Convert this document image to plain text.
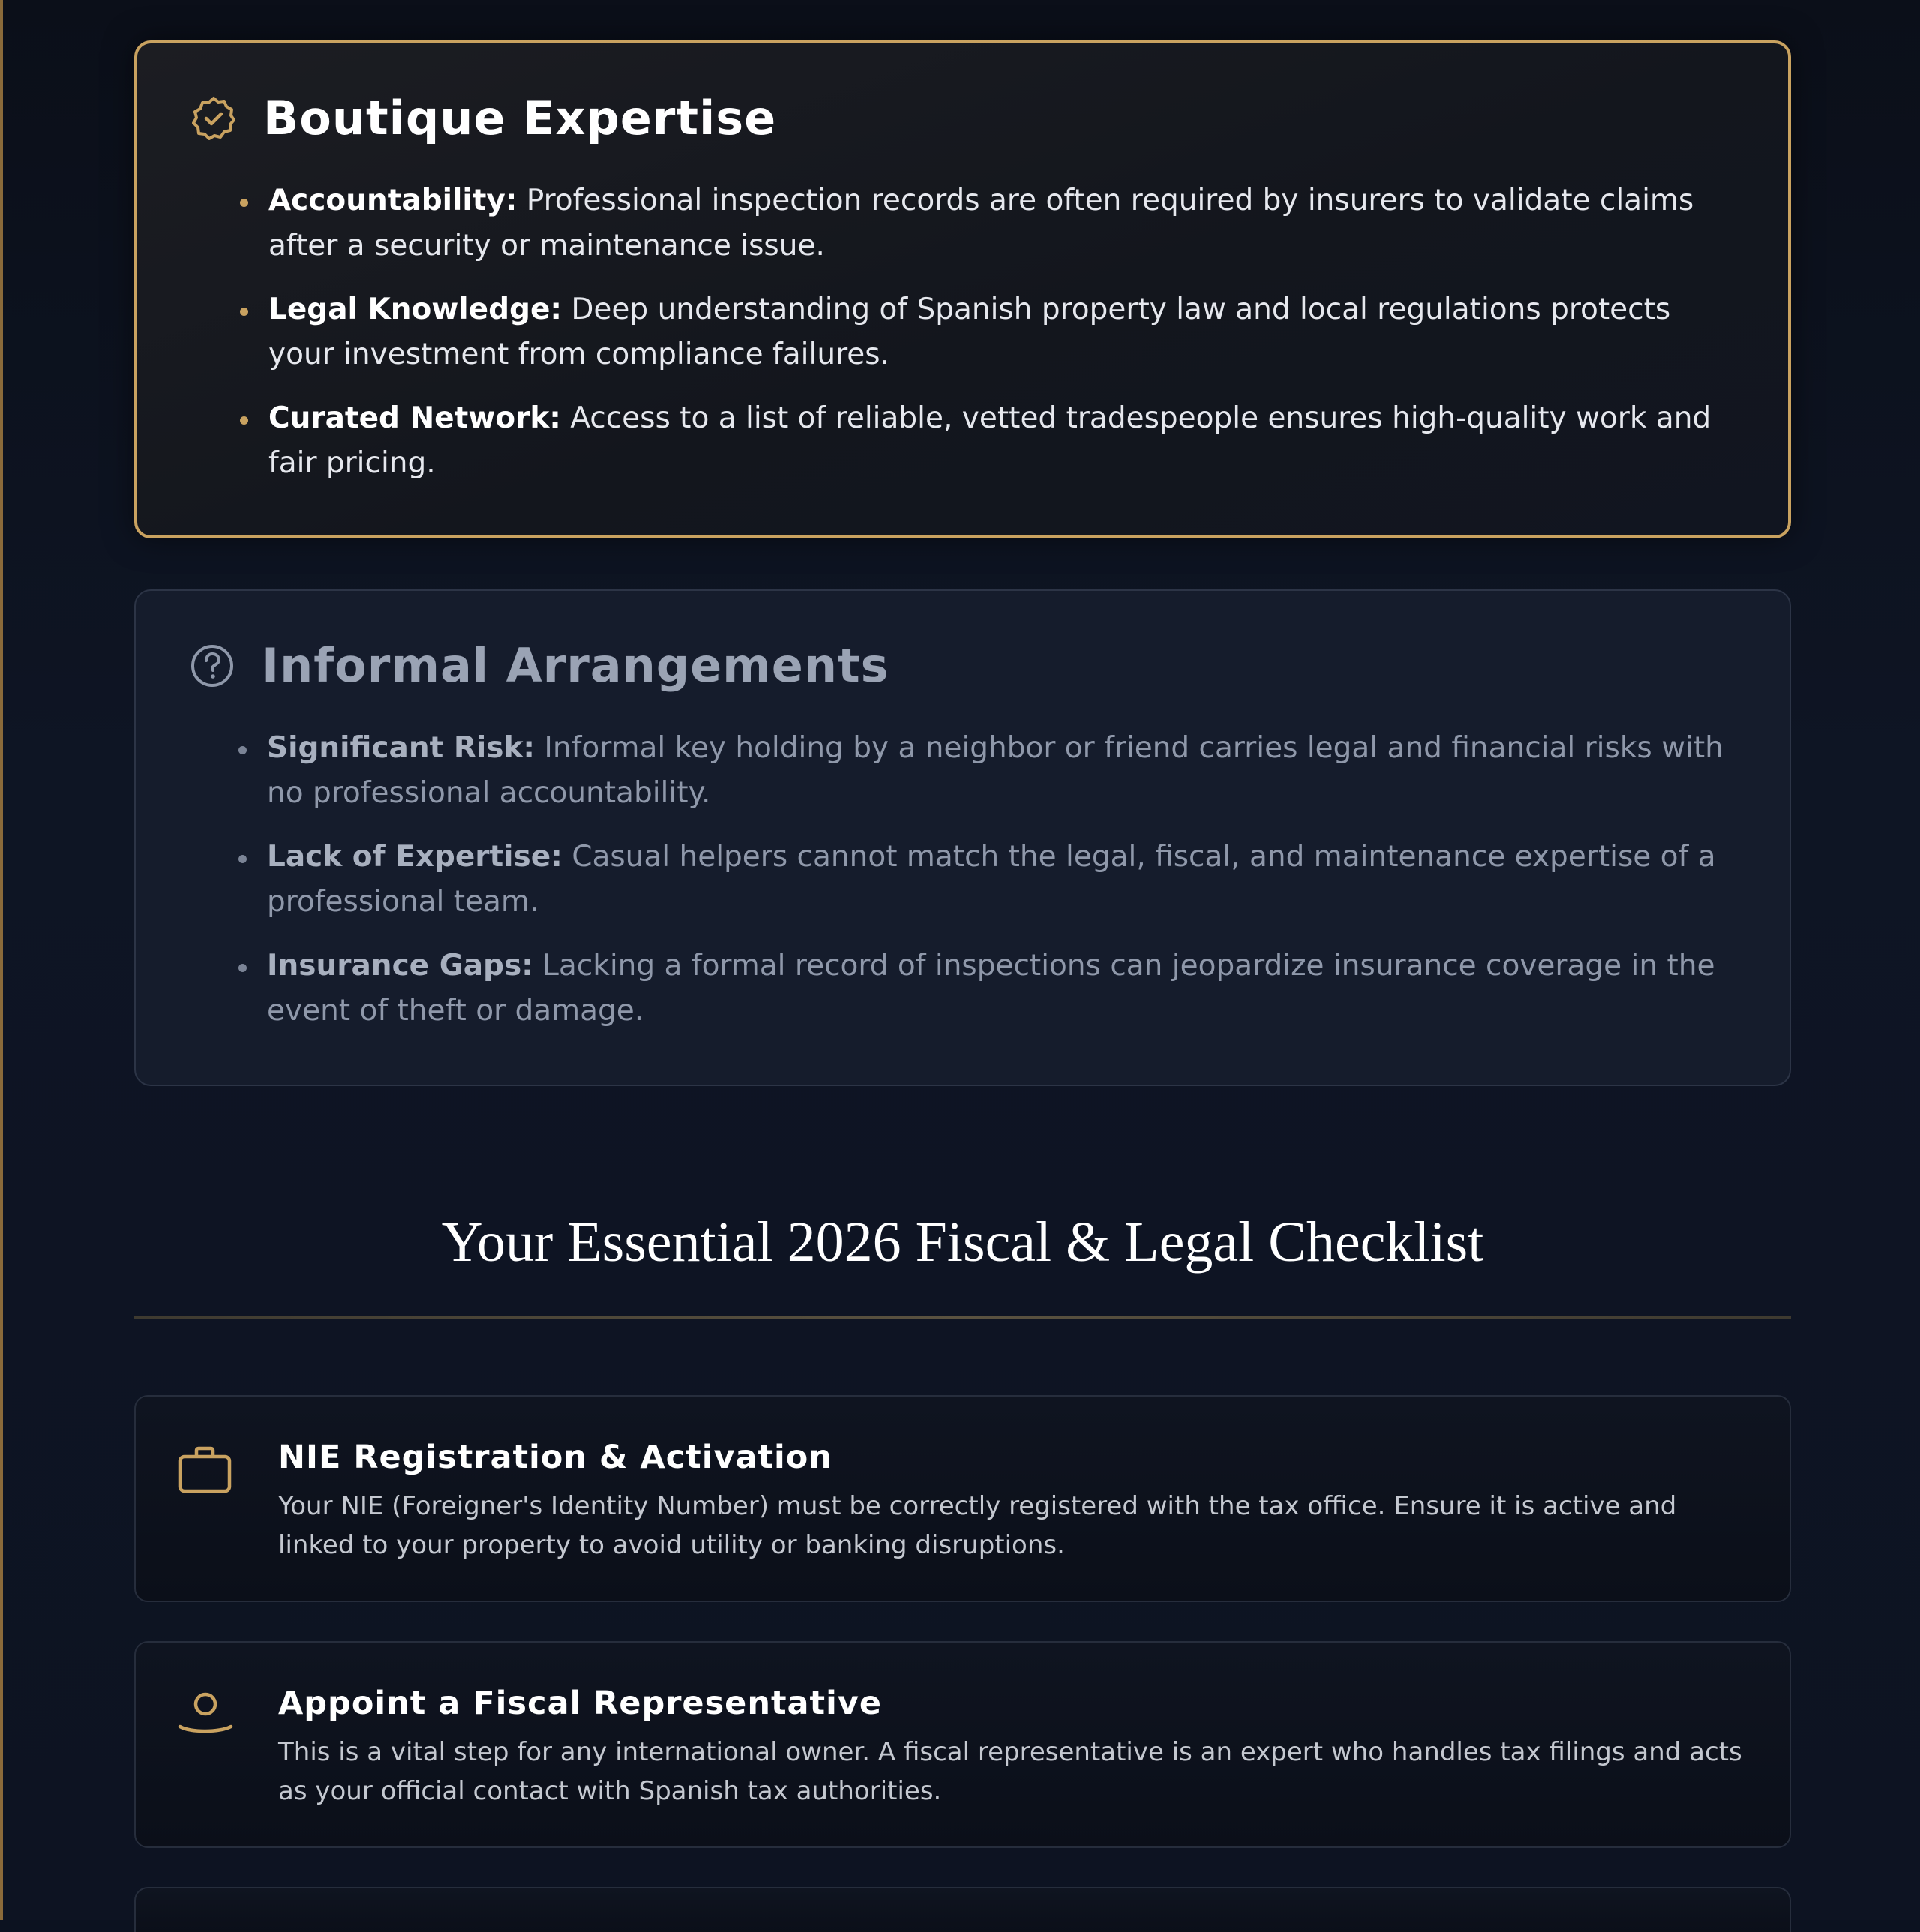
Boutique Expertise
Accountability: Professional inspection records are often required by insurers to validate claims after a security or maintenance issue.
Legal Knowledge: Deep understanding of Spanish property law and local regulations protects your investment from compliance failures.
Curated Network: Access to a list of reliable, vetted tradespeople ensures high-quality work and fair pricing.
Informal Arrangements
Significant Risk: Informal key holding by a neighbor or friend carries legal and financial risks with no professional accountability.
Lack of Expertise: Casual helpers cannot match the legal, fiscal, and maintenance expertise of a professional team.
Insurance Gaps: Lacking a formal record of inspections can jeopardize insurance coverage in the event of theft or damage.
Your Essential 2026 Fiscal & Legal Checklist
NIE Registration & Activation

Your NIE (Foreigner's Identity Number) must be correctly registered with the tax office. Ensure it is active and linked to your property to avoid utility or banking disruptions.

Appoint a Fiscal Representative

This is a vital step for any international owner. A fiscal representative is an expert who handles tax filings and acts as your official contact with Spanish tax authorities.
